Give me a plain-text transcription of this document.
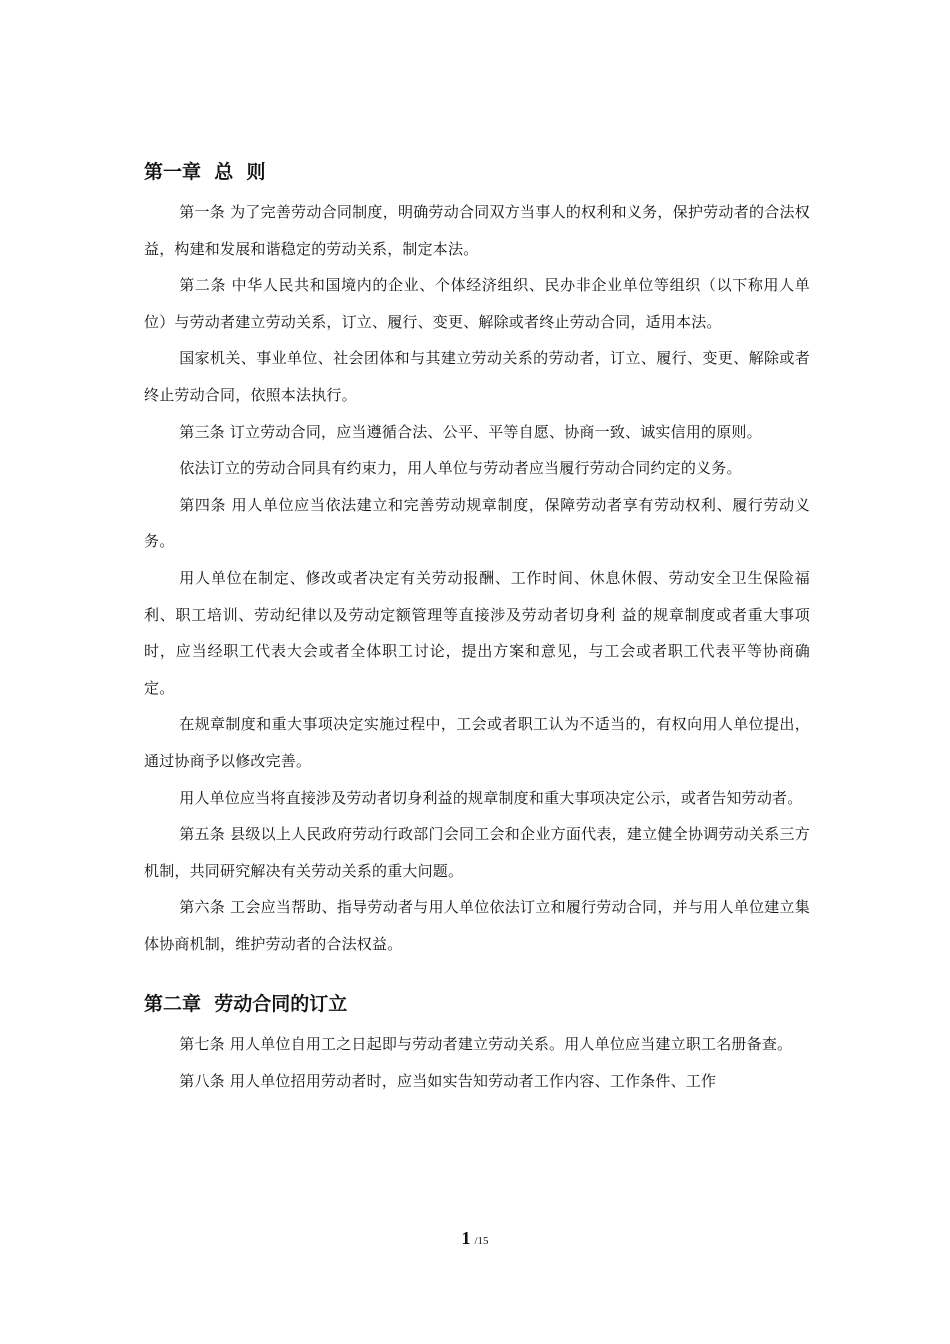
第一章  总  则

第一条 为了完善劳动合同制度，明确劳动合同双方当事人的权利和义务，保护劳动者的合法权益，构建和发展和谐稳定的劳动关系，制定本法。

第二条 中华人民共和国境内的企业、个体经济组织、民办非企业单位等组织（以下称用人单位）与劳动者建立劳动关系，订立、履行、变更、解除或者终止劳动合同，适用本法。

国家机关、事业单位、社会团体和与其建立劳动关系的劳动者，订立、履行、变更、解除或者终止劳动合同，依照本法执行。

第三条 订立劳动合同，应当遵循合法、公平、平等自愿、协商一致、诚实信用的原则。

依法订立的劳动合同具有约束力，用人单位与劳动者应当履行劳动合同约定的义务。

第四条 用人单位应当依法建立和完善劳动规章制度，保障劳动者享有劳动权利、履行劳动义务。

用人单位在制定、修改或者决定有关劳动报酬、工作时间、休息休假、劳动安全卫生保险福利、职工培训、劳动纪律以及劳动定额管理等直接涉及劳动者切身利 益的规章制度或者重大事项时，应当经职工代表大会或者全体职工讨论，提出方案和意见，与工会或者职工代表平等协商确定。

在规章制度和重大事项决定实施过程中，工会或者职工认为不适当的，有权向用人单位提出，通过协商予以修改完善。

用人单位应当将直接涉及劳动者切身利益的规章制度和重大事项决定公示，或者告知劳动者。

第五条 县级以上人民政府劳动行政部门会同工会和企业方面代表，建立健全协调劳动关系三方机制，共同研究解决有关劳动关系的重大问题。

第六条 工会应当帮助、指导劳动者与用人单位依法订立和履行劳动合同，并与用人单位建立集体协商机制，维护劳动者的合法权益。

第二章  劳动合同的订立

第七条 用人单位自用工之日起即与劳动者建立劳动关系。用人单位应当建立职工名册备查。

第八条 用人单位招用劳动者时，应当如实告知劳动者工作内容、工作条件、工作

1 /15
